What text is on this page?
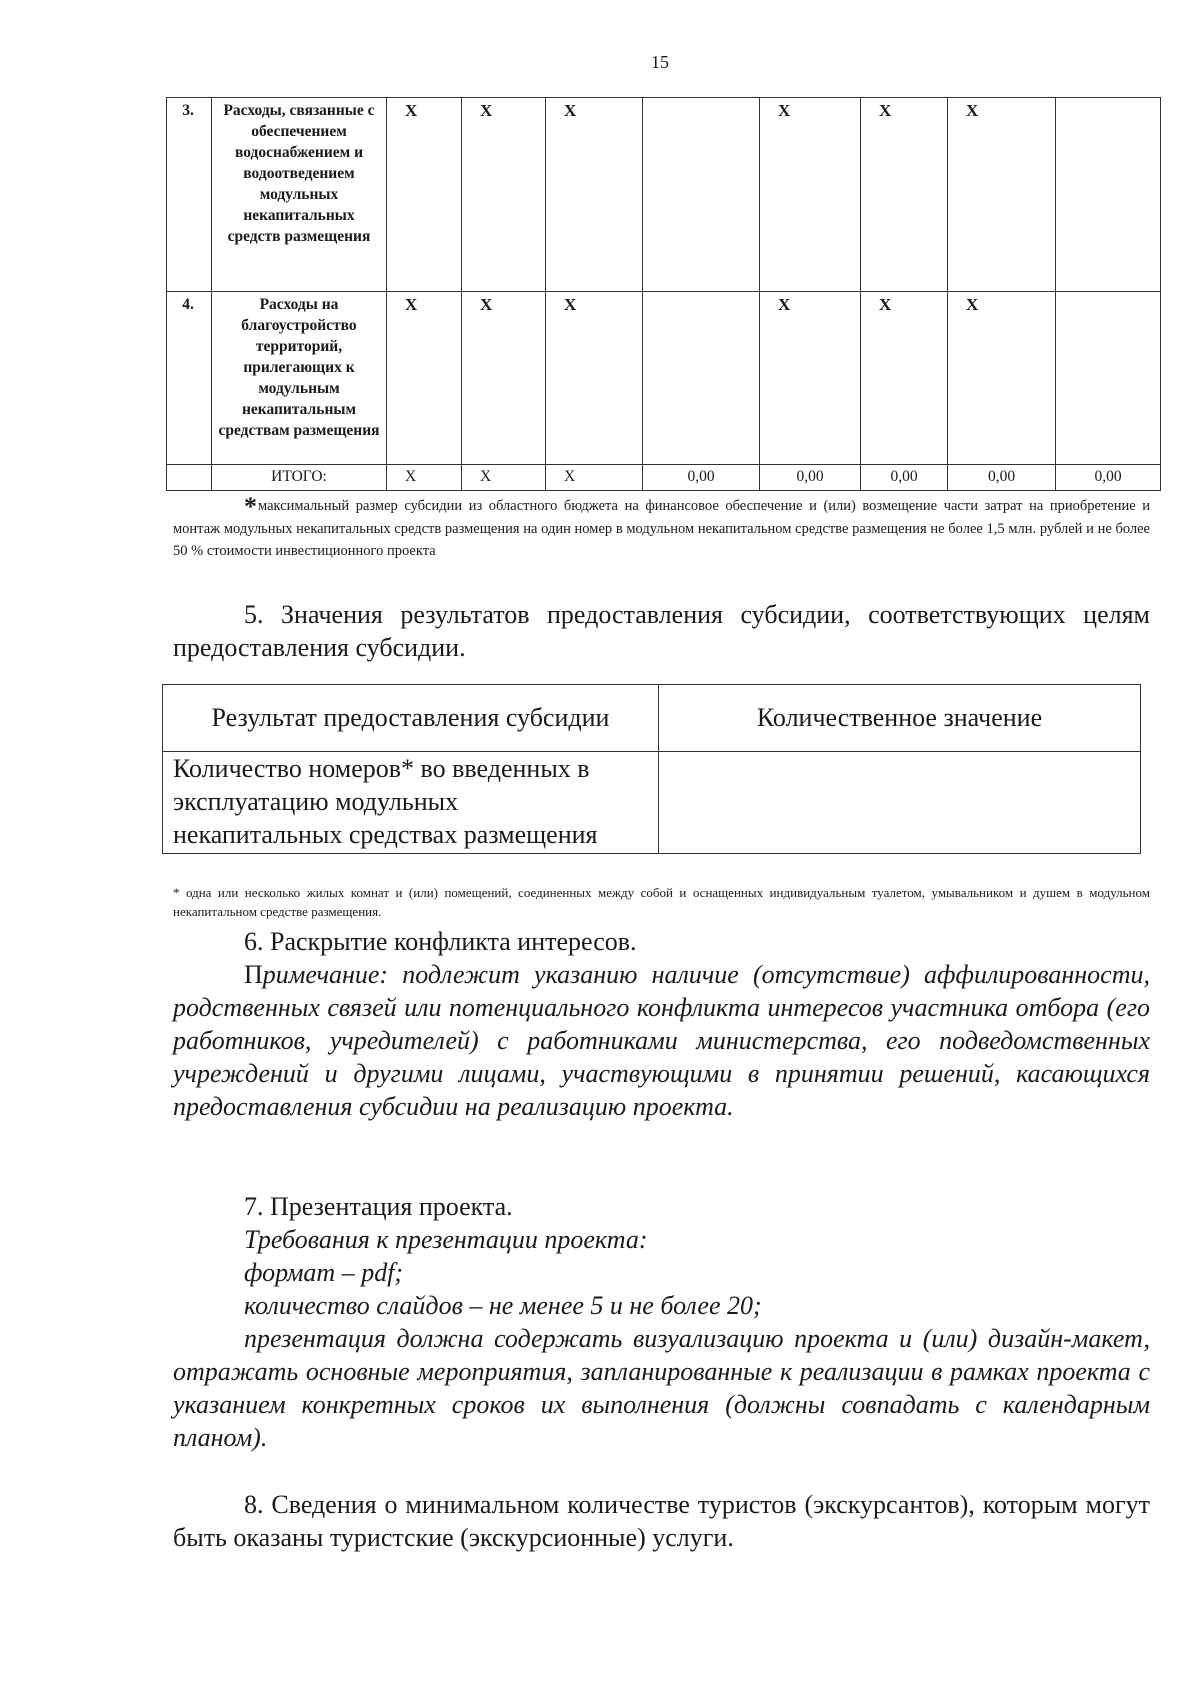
15
3.	Расходы, связанные с обеспечением водоснабжением и водоотведением модульных некапитальных средств размещения	Х	Х	Х		Х	Х	Х	
4.	Расходы на благоустройство территорий, прилегающих к модульным некапитальным средствам размещения	Х	Х	Х		Х	Х	Х	
	ИТОГО:	Х	Х	Х	0,00	0,00	0,00	0,00	0,00

*максимальный размер субсидии из областного бюджета на финансовое обеспечение и (или) возмещение части затрат на приобретение и монтаж модульных некапитальных средств размещения на один номер в модульном некапитальном средстве размещения не более 1,5 млн. рублей и не более 50 % стоимости инвестиционного проекта

5. Значения результатов предоставления субсидии, соответствующих целям предоставления субсидии.

Результат предоставления субсидии	Количественное значение

Количество номеров* во введенных в
эксплуатацию модульных
некапитальных средствах размещения	

* одна или несколько жилых комнат и (или) помещений, соединенных между собой и оснащенных индивидуальным туалетом, умывальником и душем в модульном некапитальном средстве размещения.

6. Раскрытие конфликта интересов.

Примечание: подлежит указанию наличие (отсутствие) аффилированности, родственных связей или потенциального конфликта интересов участника отбора (его работников, учредителей) с работниками министерства, его подведомственных учреждений и другими лицами, участвующими в принятии решений, касающихся предоставления субсидии на реализацию проекта.

7. Презентация проекта.

Требования к презентации проекта:

формат – pdf;

количество слайдов – не менее 5 и не более 20;

презентация должна содержать визуализацию проекта и (или) дизайн-макет, отражать основные мероприятия, запланированные к реализации в рамках проекта с указанием конкретных сроков их выполнения (должны совпадать с календарным планом).

8. Сведения о минимальном количестве туристов (экскурсантов), которым могут быть оказаны туристские (экскурсионные) услуги.
